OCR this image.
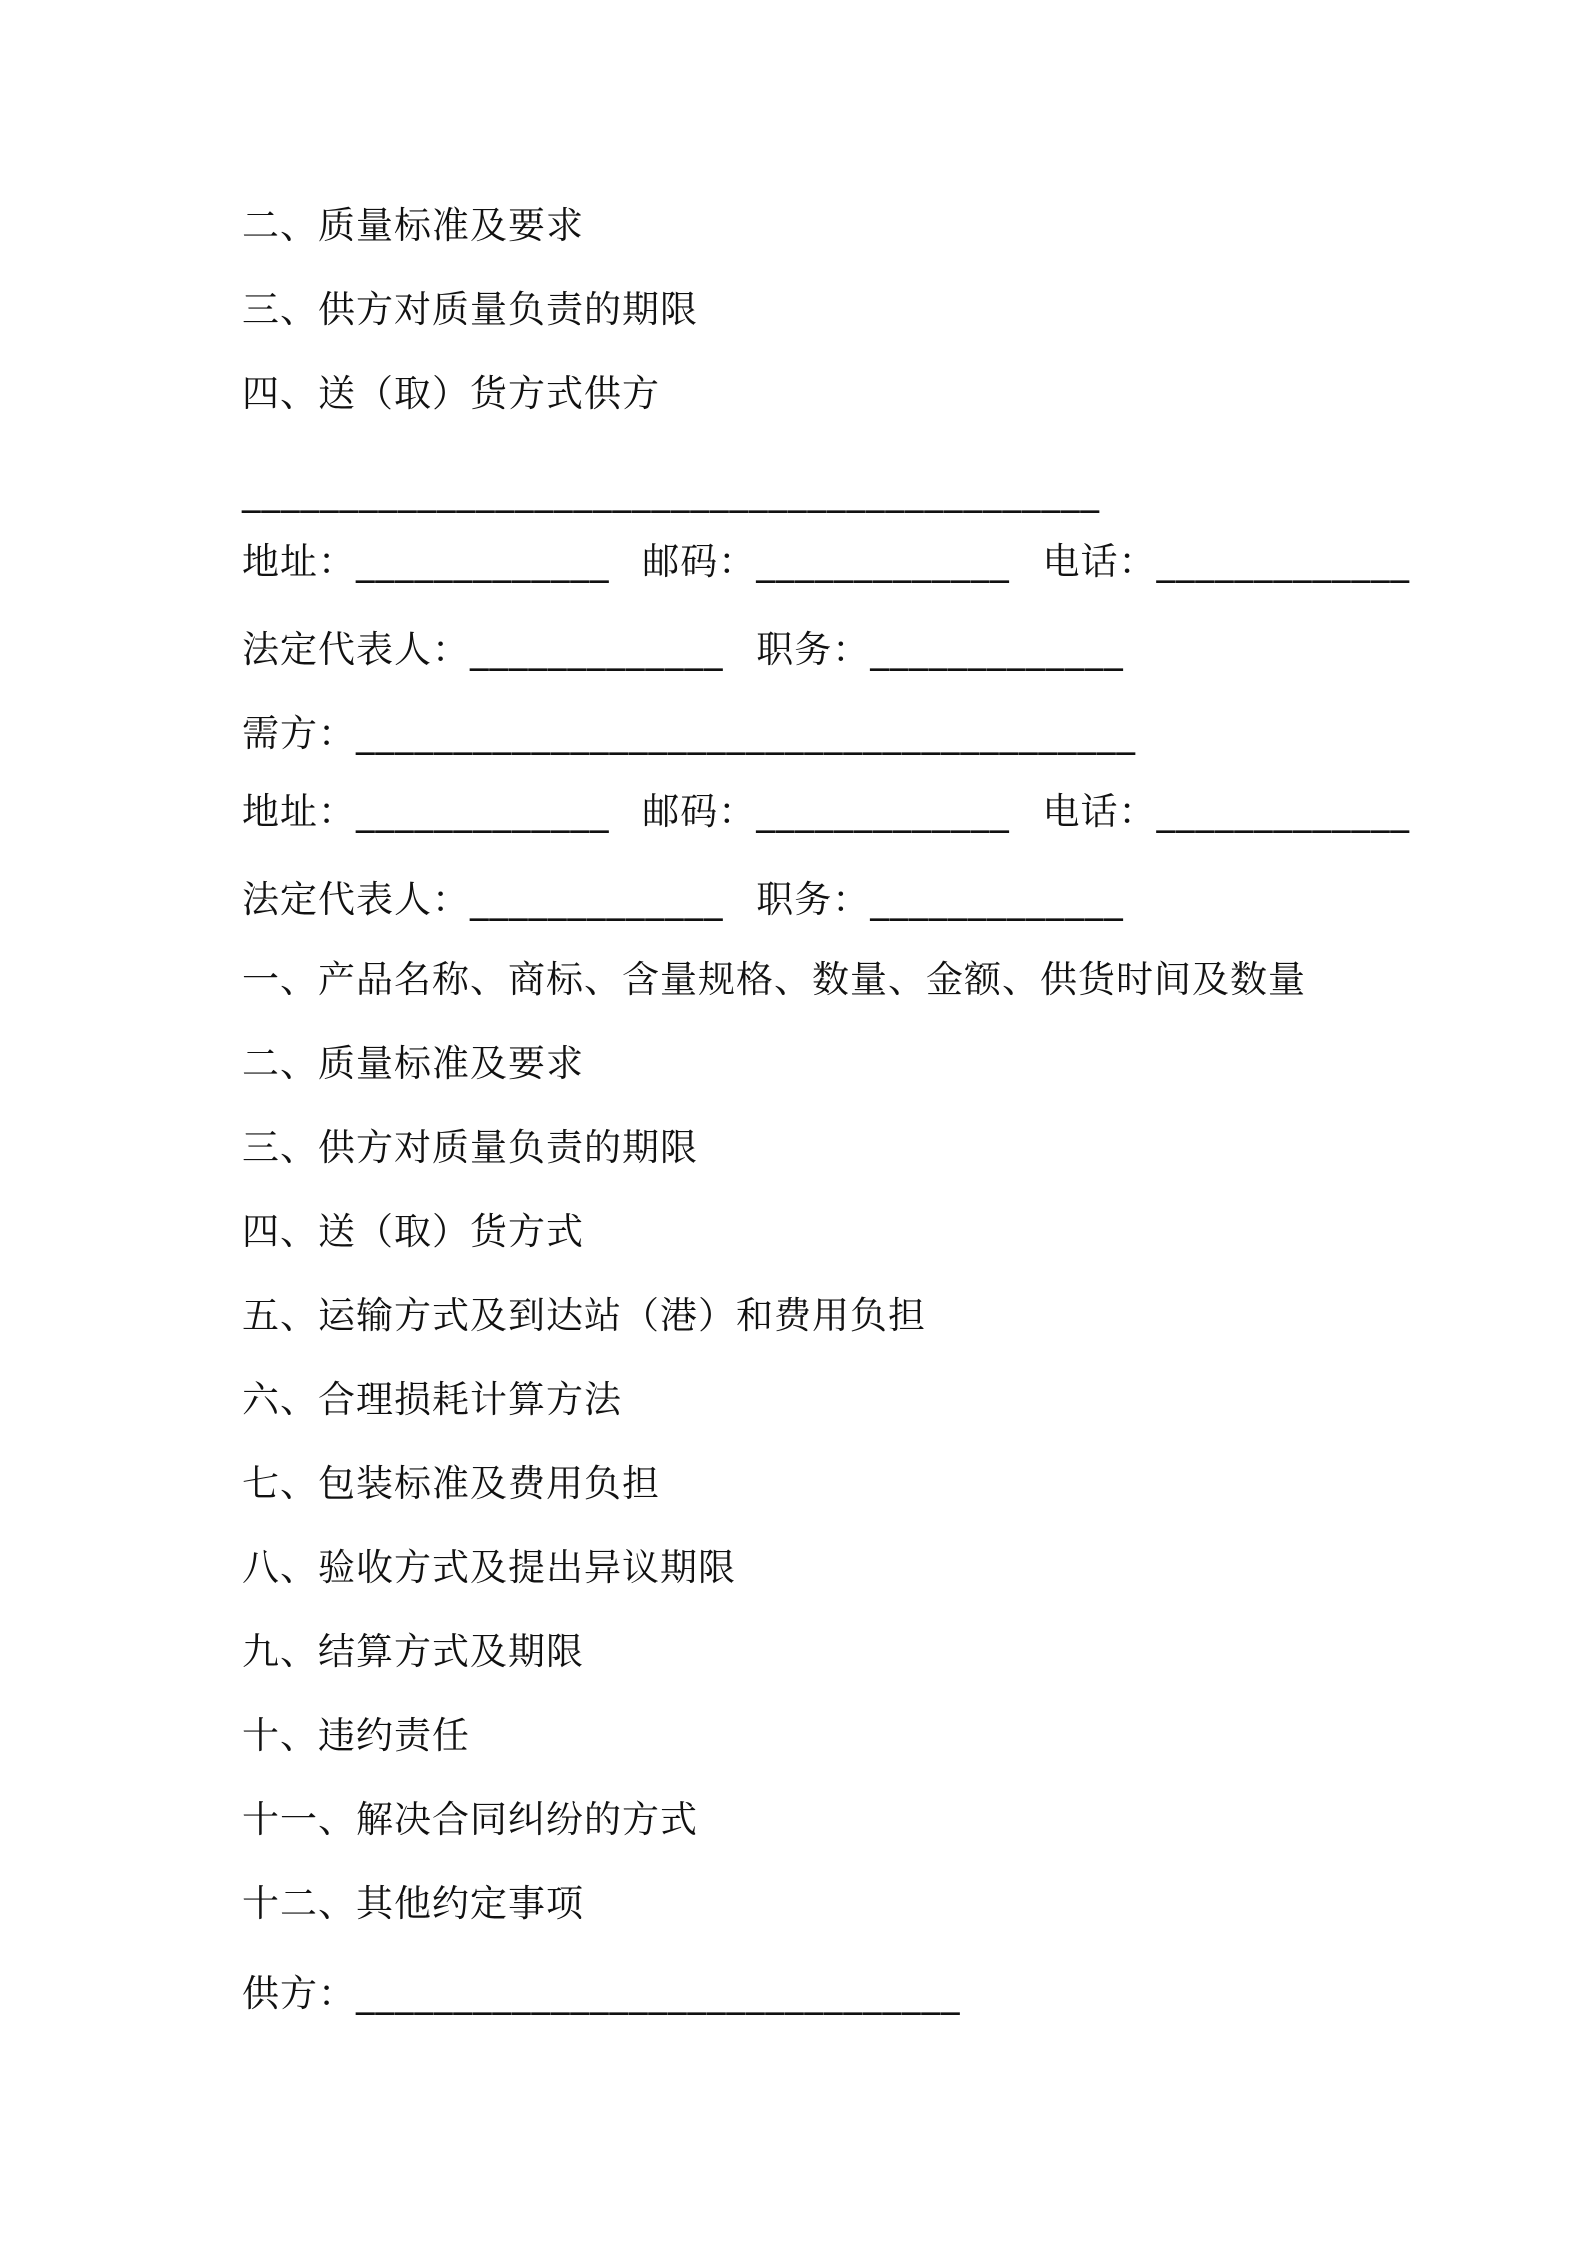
二、质量标准及要求
三、供方对质量负责的期限
四、送（取）货方式供方
____________________________________________
地址：_____________ 邮码：_____________ 电话：_____________
法定代表人：_____________ 职务：_____________
需方：________________________________________
地址：_____________ 邮码：_____________ 电话：_____________
法定代表人：_____________ 职务：_____________
一、产品名称、商标、含量规格、数量、金额、供货时间及数量
二、质量标准及要求
三、供方对质量负责的期限
四、送（取）货方式
五、运输方式及到达站（港）和费用负担
六、合理损耗计算方法
七、包装标准及费用负担
八、验收方式及提出异议期限
九、结算方式及期限
十、违约责任
十一、解决合同纠纷的方式
十二、其他约定事项
供方：_______________________________
